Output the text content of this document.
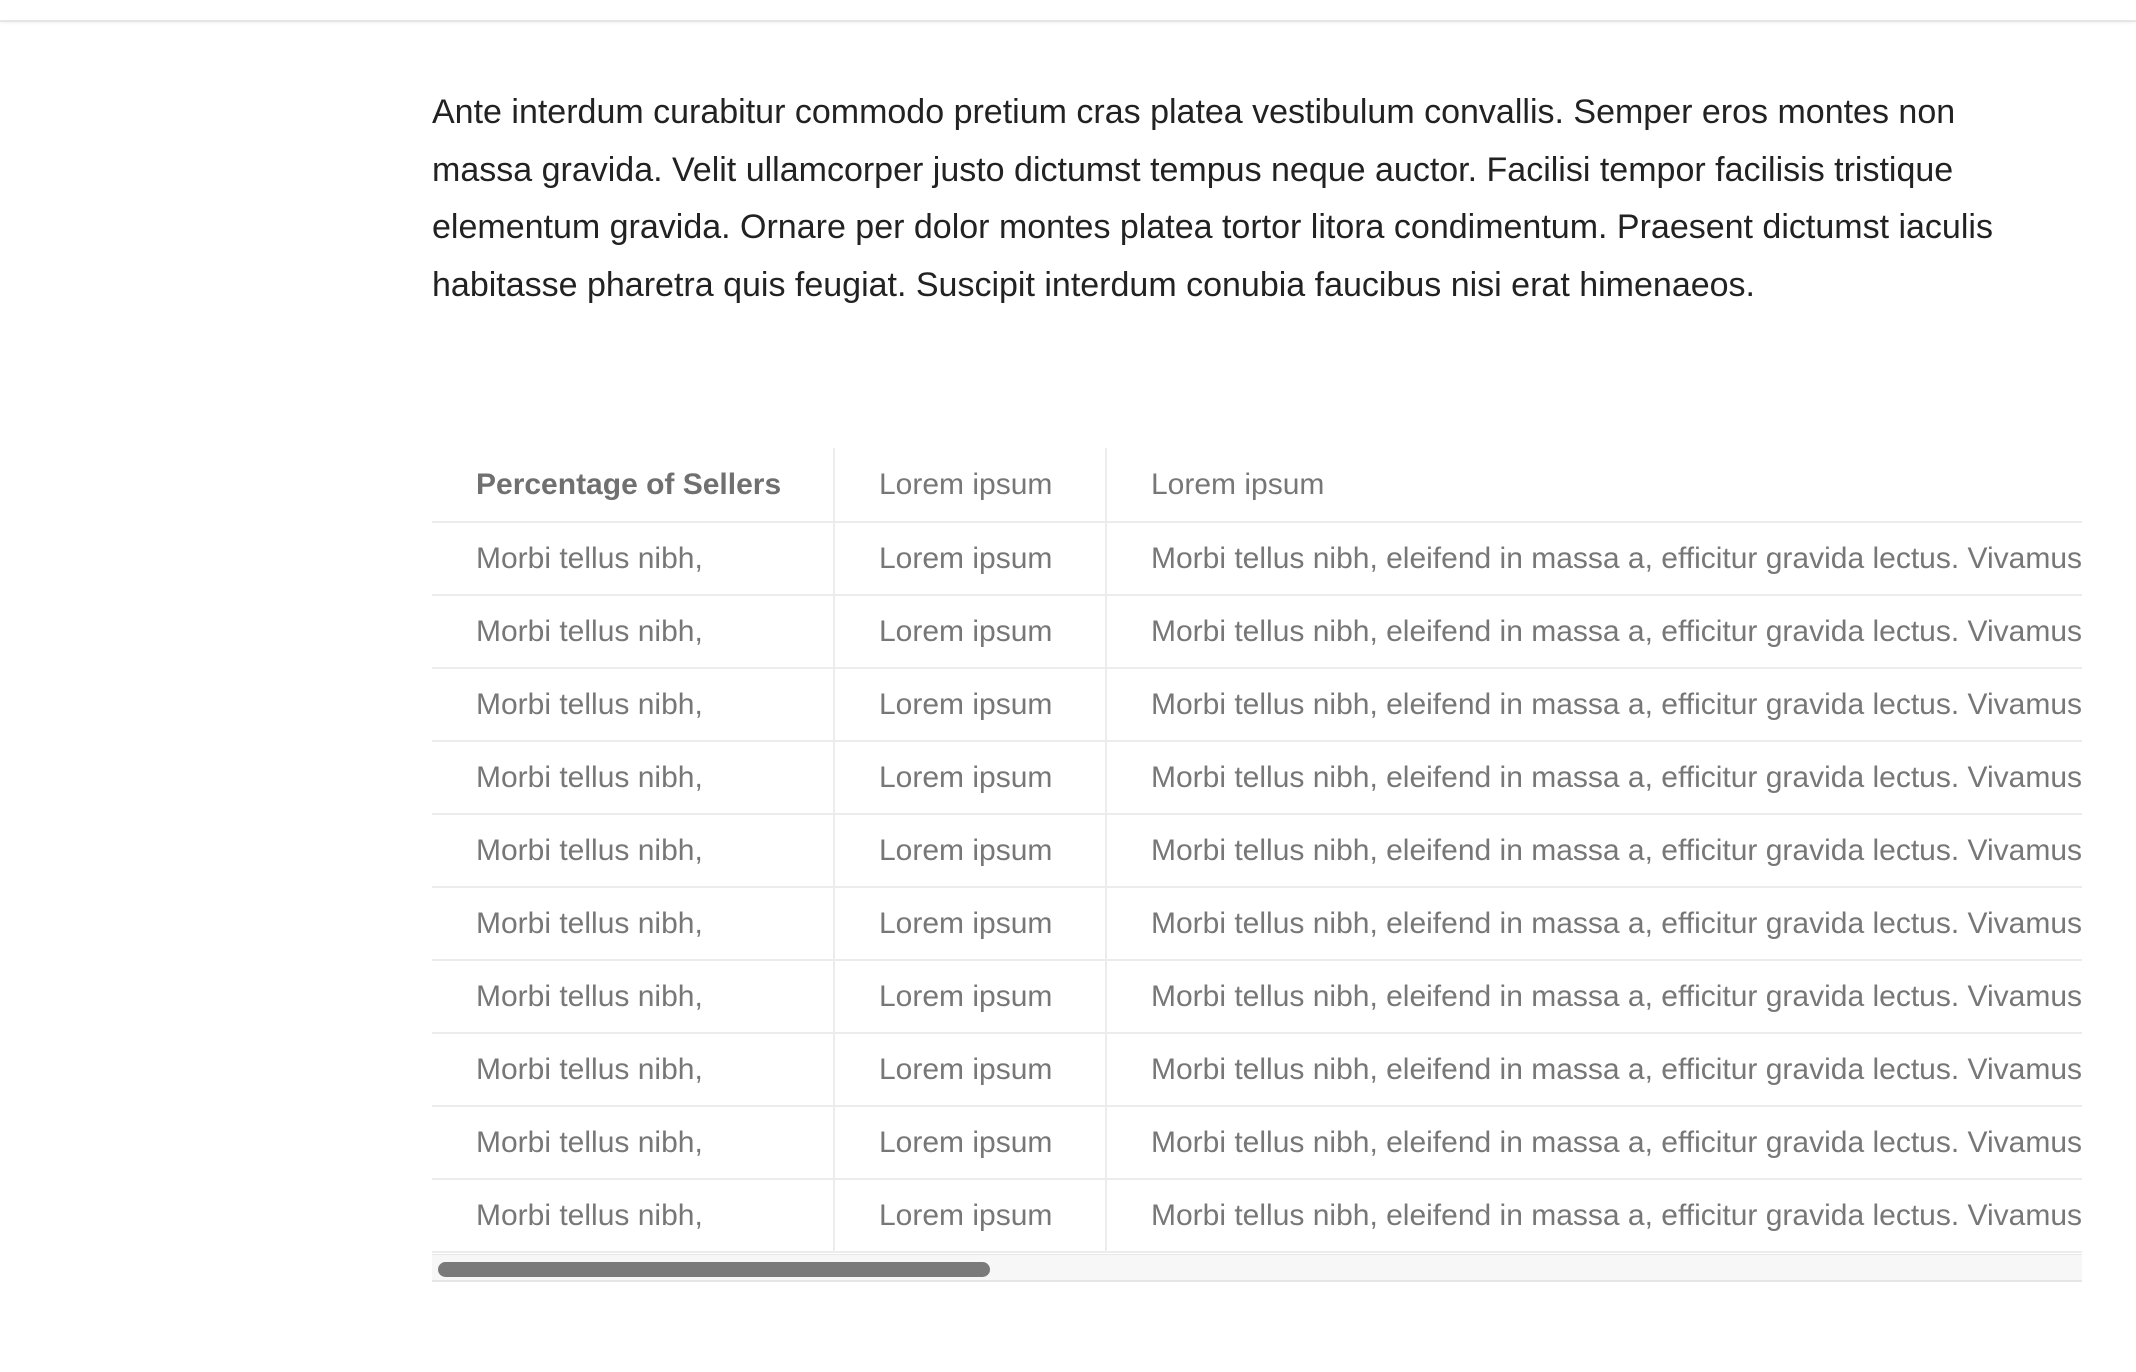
Ante interdum curabitur commodo pretium cras platea vestibulum convallis. Semper eros montes non massa gravida. Velit ullamcorper justo dictumst tempus neque auctor. Facilisi tempor facilisis tristique elementum gravida. Ornare per dolor montes platea tortor litora condimentum. Praesent dictumst iaculis habitasse pharetra quis feugiat. Suscipit interdum conubia faucibus nisi erat himenaeos.

Percentage of Sellers	Lorem ipsum	Lorem ipsum
Morbi tellus nibh,	Lorem ipsum	Morbi tellus nibh, eleifend in massa a, efficitur gravida lectus. Vivamus
Morbi tellus nibh,	Lorem ipsum	Morbi tellus nibh, eleifend in massa a, efficitur gravida lectus. Vivamus
Morbi tellus nibh,	Lorem ipsum	Morbi tellus nibh, eleifend in massa a, efficitur gravida lectus. Vivamus
Morbi tellus nibh,	Lorem ipsum	Morbi tellus nibh, eleifend in massa a, efficitur gravida lectus. Vivamus
Morbi tellus nibh,	Lorem ipsum	Morbi tellus nibh, eleifend in massa a, efficitur gravida lectus. Vivamus
Morbi tellus nibh,	Lorem ipsum	Morbi tellus nibh, eleifend in massa a, efficitur gravida lectus. Vivamus
Morbi tellus nibh,	Lorem ipsum	Morbi tellus nibh, eleifend in massa a, efficitur gravida lectus. Vivamus
Morbi tellus nibh,	Lorem ipsum	Morbi tellus nibh, eleifend in massa a, efficitur gravida lectus. Vivamus
Morbi tellus nibh,	Lorem ipsum	Morbi tellus nibh, eleifend in massa a, efficitur gravida lectus. Vivamus
Morbi tellus nibh,	Lorem ipsum	Morbi tellus nibh, eleifend in massa a, efficitur gravida lectus. Vivamus
